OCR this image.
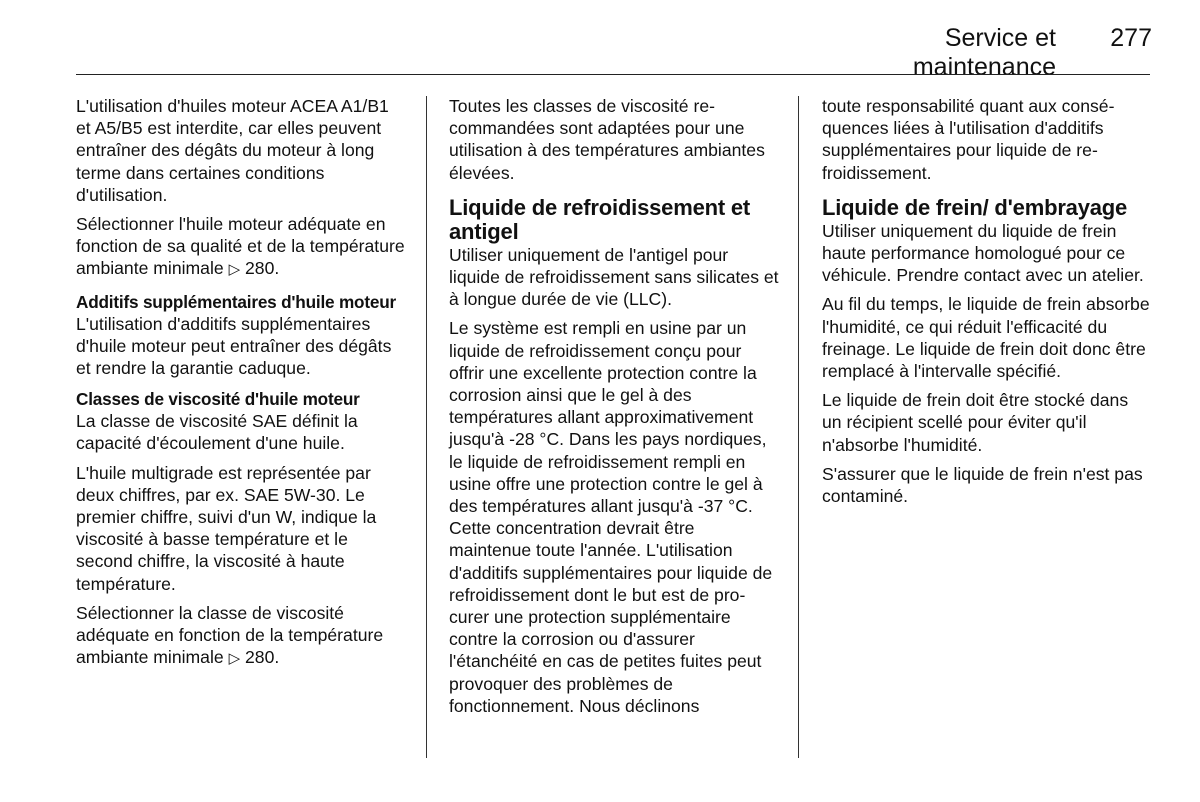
Service et maintenance
277

L'utilisation d'huiles moteur ACEA A1/B1 et A5/B5 est interdite, car elles peuvent entraîner des dégâts du moteur à long terme dans certaines conditions d'utilisation.

Sélectionner l'huile moteur adéquate en fonction de sa qualité et de la température ambiante minimale ▷ 280.

Additifs supplémentaires d'huile moteur

L'utilisation d'additifs supplémentaires d'huile moteur peut entraîner des dégâts et rendre la garantie caduque.

Classes de viscosité d'huile moteur

La classe de viscosité SAE définit la capacité d'écoulement d'une huile.

L'huile multigrade est représentée par deux chiffres, par ex. SAE 5W-30. Le premier chiffre, suivi d'un W, indique la viscosité à basse température et le second chiffre, la viscosité à haute température.

Sélectionner la classe de viscosité adéquate en fonction de la température ambiante minimale ▷ 280.

Toutes les classes de viscosité recommandées sont adaptées pour une utilisation à des températures ambiantes élevées.

Liquide de refroidissement et antigel

Utiliser uniquement de l'antigel pour liquide de refroidissement sans silicates et à longue durée de vie (LLC).

Le système est rempli en usine par un liquide de refroidissement conçu pour offrir une excellente protection contre la corrosion ainsi que le gel à des températures allant approximativement jusqu'à -28 °C. Dans les pays nordiques, le liquide de refroidissement rempli en usine offre une protection contre le gel à des températures allant jusqu'à -37 °C. Cette concentration devrait être maintenue toute l'année. L'utilisation d'additifs supplémentaires pour liquide de refroidissement dont le but est de procurer une protection supplémentaire contre la corrosion ou d'assurer l'étanchéité en cas de petites fuites peut provoquer des problèmes de fonctionnement. Nous déclinons

toute responsabilité quant aux conséquences liées à l'utilisation d'additifs supplémentaires pour liquide de refroidissement.

Liquide de frein/ d'embrayage

Utiliser uniquement du liquide de frein haute performance homologué pour ce véhicule. Prendre contact avec un atelier.

Au fil du temps, le liquide de frein absorbe l'humidité, ce qui réduit l'efficacité du freinage. Le liquide de frein doit donc être remplacé à l'intervalle spécifié.

Le liquide de frein doit être stocké dans un récipient scellé pour éviter qu'il n'absorbe l'humidité.

S'assurer que le liquide de frein n'est pas contaminé.
